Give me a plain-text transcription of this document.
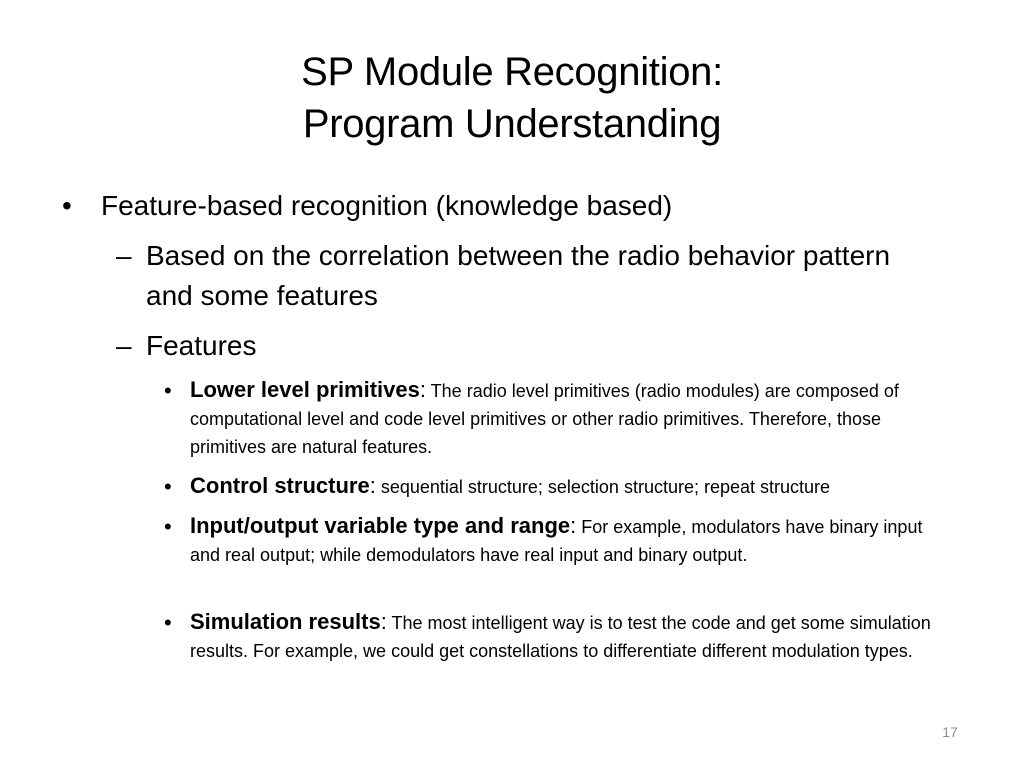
SP Module Recognition:
Program Understanding
• Feature-based recognition (knowledge based)
– Based on the correlation between the radio behavior pattern and some features
– Features
• Lower level primitives: The radio level primitives (radio modules) are composed of computational level and code level primitives or other radio primitives. Therefore, those primitives are natural features.
• Control structure: sequential structure; selection structure; repeat structure
• Input/output variable type and range: For example, modulators have binary input and real output; while demodulators have real input and binary output.
• Simulation results: The most intelligent way is to test the code and get some simulation results. For example, we could get constellations to differentiate different modulation types.
17
